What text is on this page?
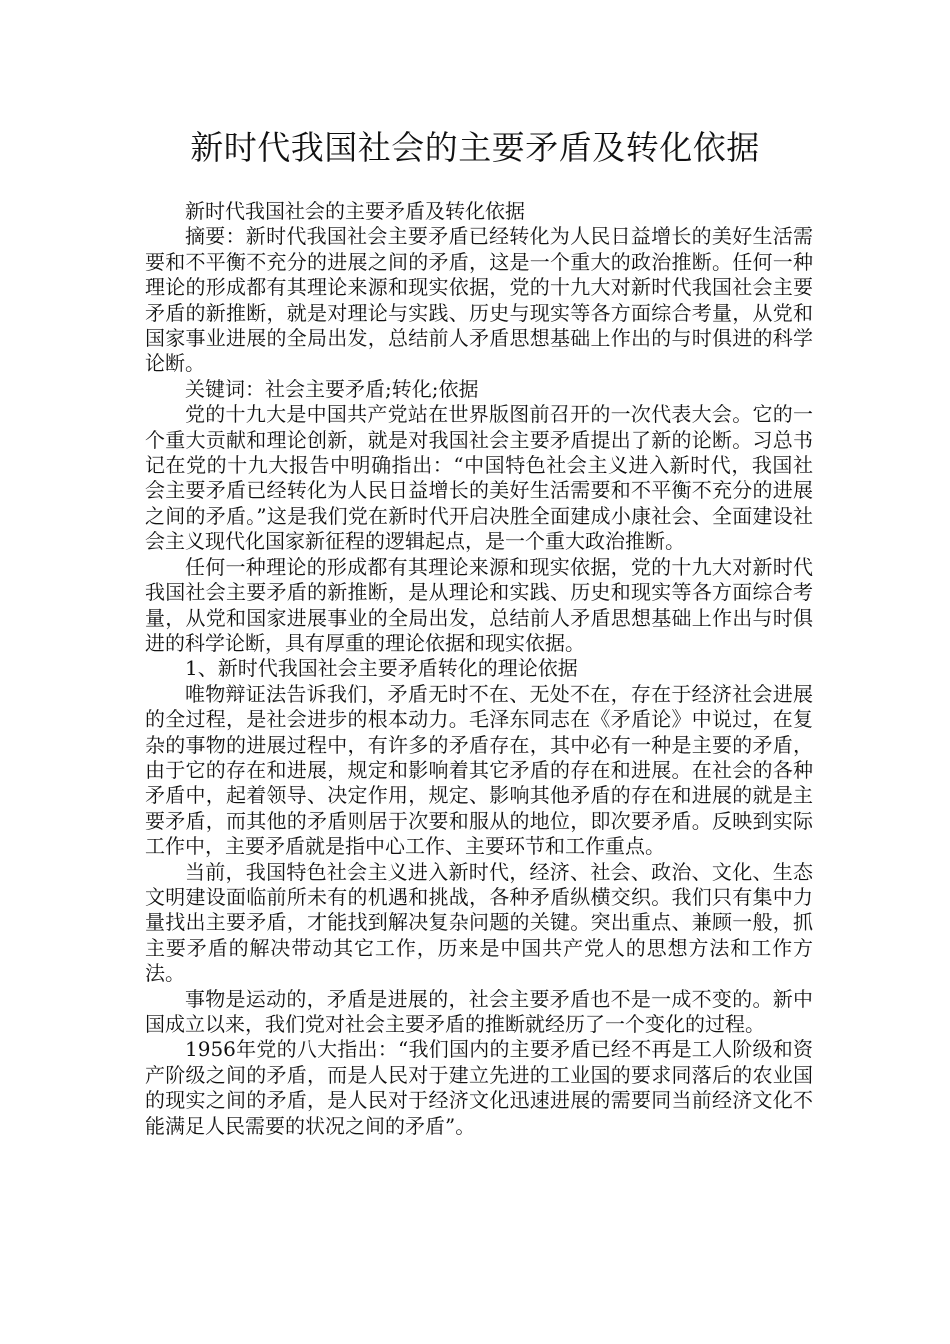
新时代我国社会的主要矛盾及转化依据

新时代我国社会的主要矛盾及转化依据

摘要：新时代我国社会主要矛盾已经转化为人民日益增长的美好生活需要和不平衡不充分的进展之间的矛盾，这是一个重大的政治推断。任何一种理论的形成都有其理论来源和现实依据，党的十九大对新时代我国社会主要矛盾的新推断，就是对理论与实践、历史与现实等各方面综合考量，从党和国家事业进展的全局出发，总结前人矛盾思想基础上作出的与时俱进的科学论断。

关键词：社会主要矛盾;转化;依据

党的十九大是中国共产党站在世界版图前召开的一次代表大会。它的一个重大贡献和理论创新，就是对我国社会主要矛盾提出了新的论断。习总书记在党的十九大报告中明确指出：“中国特色社会主义进入新时代，我国社会主要矛盾已经转化为人民日益增长的美好生活需要和不平衡不充分的进展之间的矛盾。”这是我们党在新时代开启决胜全面建成小康社会、全面建设社会主义现代化国家新征程的逻辑起点，是一个重大政治推断。

任何一种理论的形成都有其理论来源和现实依据，党的十九大对新时代我国社会主要矛盾的新推断，是从理论和实践、历史和现实等各方面综合考量，从党和国家进展事业的全局出发，总结前人矛盾思想基础上作出与时俱进的科学论断，具有厚重的理论依据和现实依据。

1、新时代我国社会主要矛盾转化的理论依据

唯物辩证法告诉我们，矛盾无时不在、无处不在，存在于经济社会进展的全过程，是社会进步的根本动力。毛泽东同志在《矛盾论》中说过，在复杂的事物的进展过程中，有许多的矛盾存在，其中必有一种是主要的矛盾，由于它的存在和进展，规定和影响着其它矛盾的存在和进展。在社会的各种矛盾中，起着领导、决定作用，规定、影响其他矛盾的存在和进展的就是主要矛盾，而其他的矛盾则居于次要和服从的地位，即次要矛盾。反映到实际工作中，主要矛盾就是指中心工作、主要环节和工作重点。

当前，我国特色社会主义进入新时代，经济、社会、政治、文化、生态文明建设面临前所未有的机遇和挑战，各种矛盾纵横交织。我们只有集中力量找出主要矛盾，才能找到解决复杂问题的关键。突出重点、兼顾一般，抓主要矛盾的解决带动其它工作，历来是中国共产党人的思想方法和工作方法。

事物是运动的，矛盾是进展的，社会主要矛盾也不是一成不变的。新中国成立以来，我们党对社会主要矛盾的推断就经历了一个变化的过程。

1956年党的八大指出：“我们国内的主要矛盾已经不再是工人阶级和资产阶级之间的矛盾，而是人民对于建立先进的工业国的要求同落后的农业国的现实之间的矛盾，是人民对于经济文化迅速进展的需要同当前经济文化不能满足人民需要的状况之间的矛盾”。
